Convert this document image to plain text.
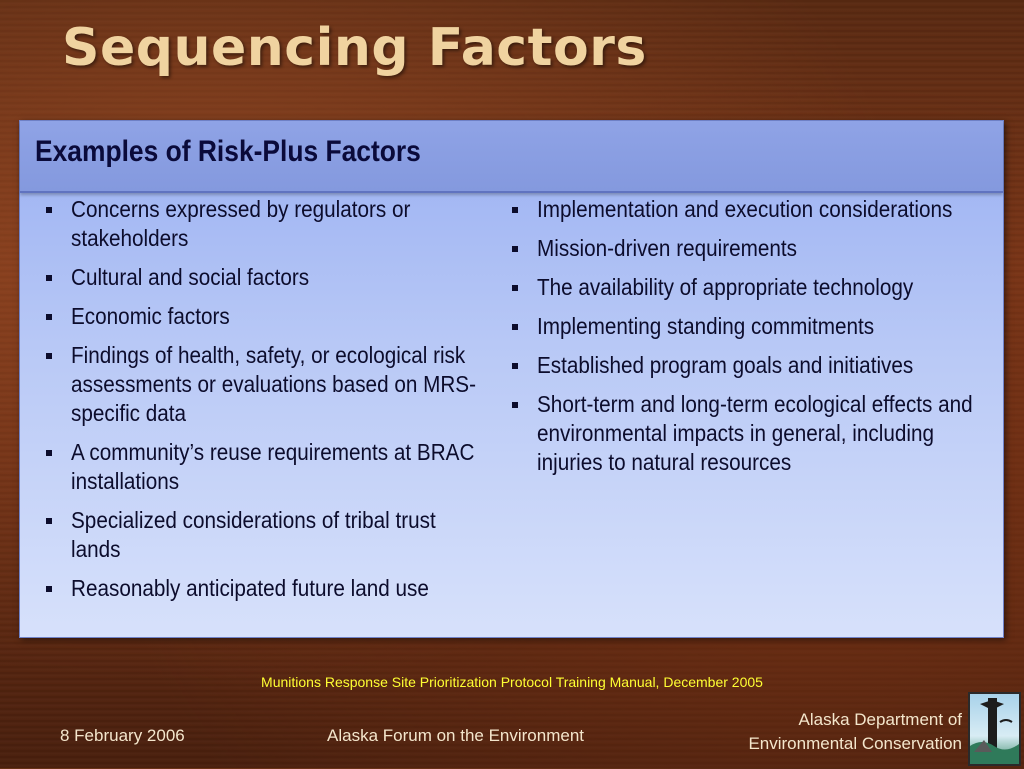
Sequencing Factors
Examples of Risk-Plus Factors
Concerns expressed by regulators or stakeholders
Cultural and social factors
Economic factors
Findings of health, safety, or ecological risk assessments or evaluations based on MRS-specific data
A community’s reuse requirements at BRAC installations
Specialized considerations of tribal trust lands
Reasonably anticipated future land use
Implementation and execution considerations
Mission-driven requirements
The availability of appropriate technology
Implementing standing commitments
Established program goals and initiatives
Short-term and long-term ecological effects and environmental impacts in general, including injuries to natural resources
Munitions Response Site Prioritization Protocol Training Manual, December 2005
8 February 2006	Alaska Forum on the Environment
Alaska Department of
Environmental Conservation
